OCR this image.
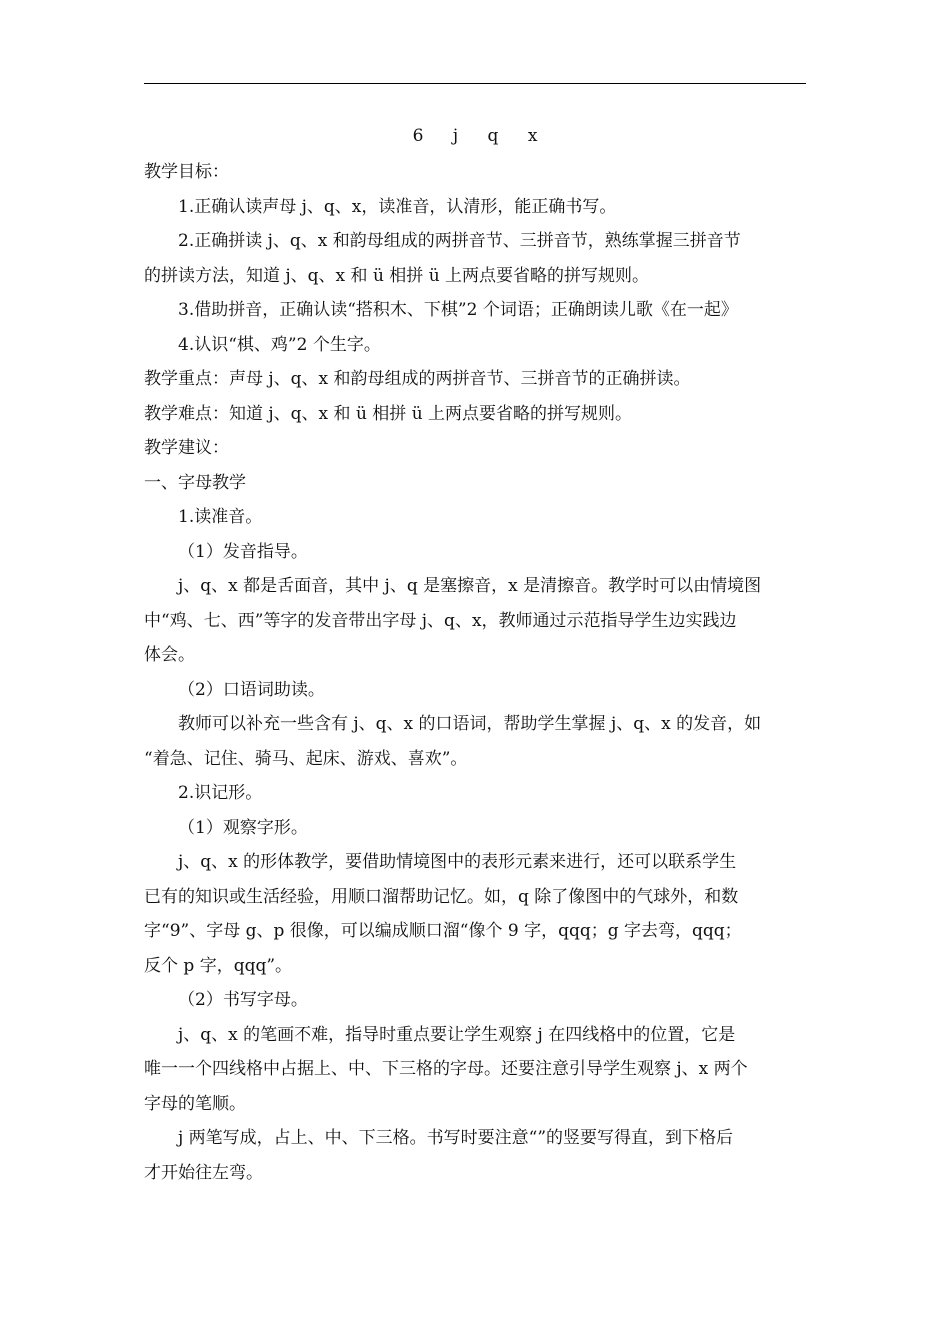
6 j q x
教学目标：
1.正确认读声母 j、q、x，读准音，认清形，能正确书写。
2.正确拼读 j、q、x 和韵母组成的两拼音节、三拼音节，熟练掌握三拼音节
的拼读方法，知道 j、q、x 和 ü 相拼 ü 上两点要省略的拼写规则。
3.借助拼音，正确认读“搭积木、下棋”2 个词语；正确朗读儿歌《在一起》
4.认识“棋、鸡”2 个生字。
教学重点：声母 j、q、x 和韵母组成的两拼音节、三拼音节的正确拼读。
教学难点：知道 j、q、x 和 ü 相拼 ü 上两点要省略的拼写规则。
教学建议：
一、字母教学
1.读准音。
（1）发音指导。
j、q、x 都是舌面音，其中 j、q 是塞擦音，x 是清擦音。教学时可以由情境图
中“鸡、七、西”等字的发音带出字母 j、q、x，教师通过示范指导学生边实践边
体会。
（2）口语词助读。
教师可以补充一些含有 j、q、x 的口语词，帮助学生掌握 j、q、x 的发音，如
“着急、记住、骑马、起床、游戏、喜欢”。
2.识记形。
（1）观察字形。
j、q、x 的形体教学，要借助情境图中的表形元素来进行，还可以联系学生
已有的知识或生活经验，用顺口溜帮助记忆。如，q 除了像图中的气球外，和数
字“9”、字母 g、p 很像，可以编成顺口溜“像个 9 字，qqq；g 字去弯，qqq；
反个 p 字，qqq”。
（2）书写字母。
j、q、x 的笔画不难，指导时重点要让学生观察 j 在四线格中的位置，它是
唯一一个四线格中占据上、中、下三格的字母。还要注意引导学生观察 j、x 两个
字母的笔顺。
j 两笔写成，占上、中、下三格。书写时要注意“”的竖要写得直，到下格后
才开始往左弯。
